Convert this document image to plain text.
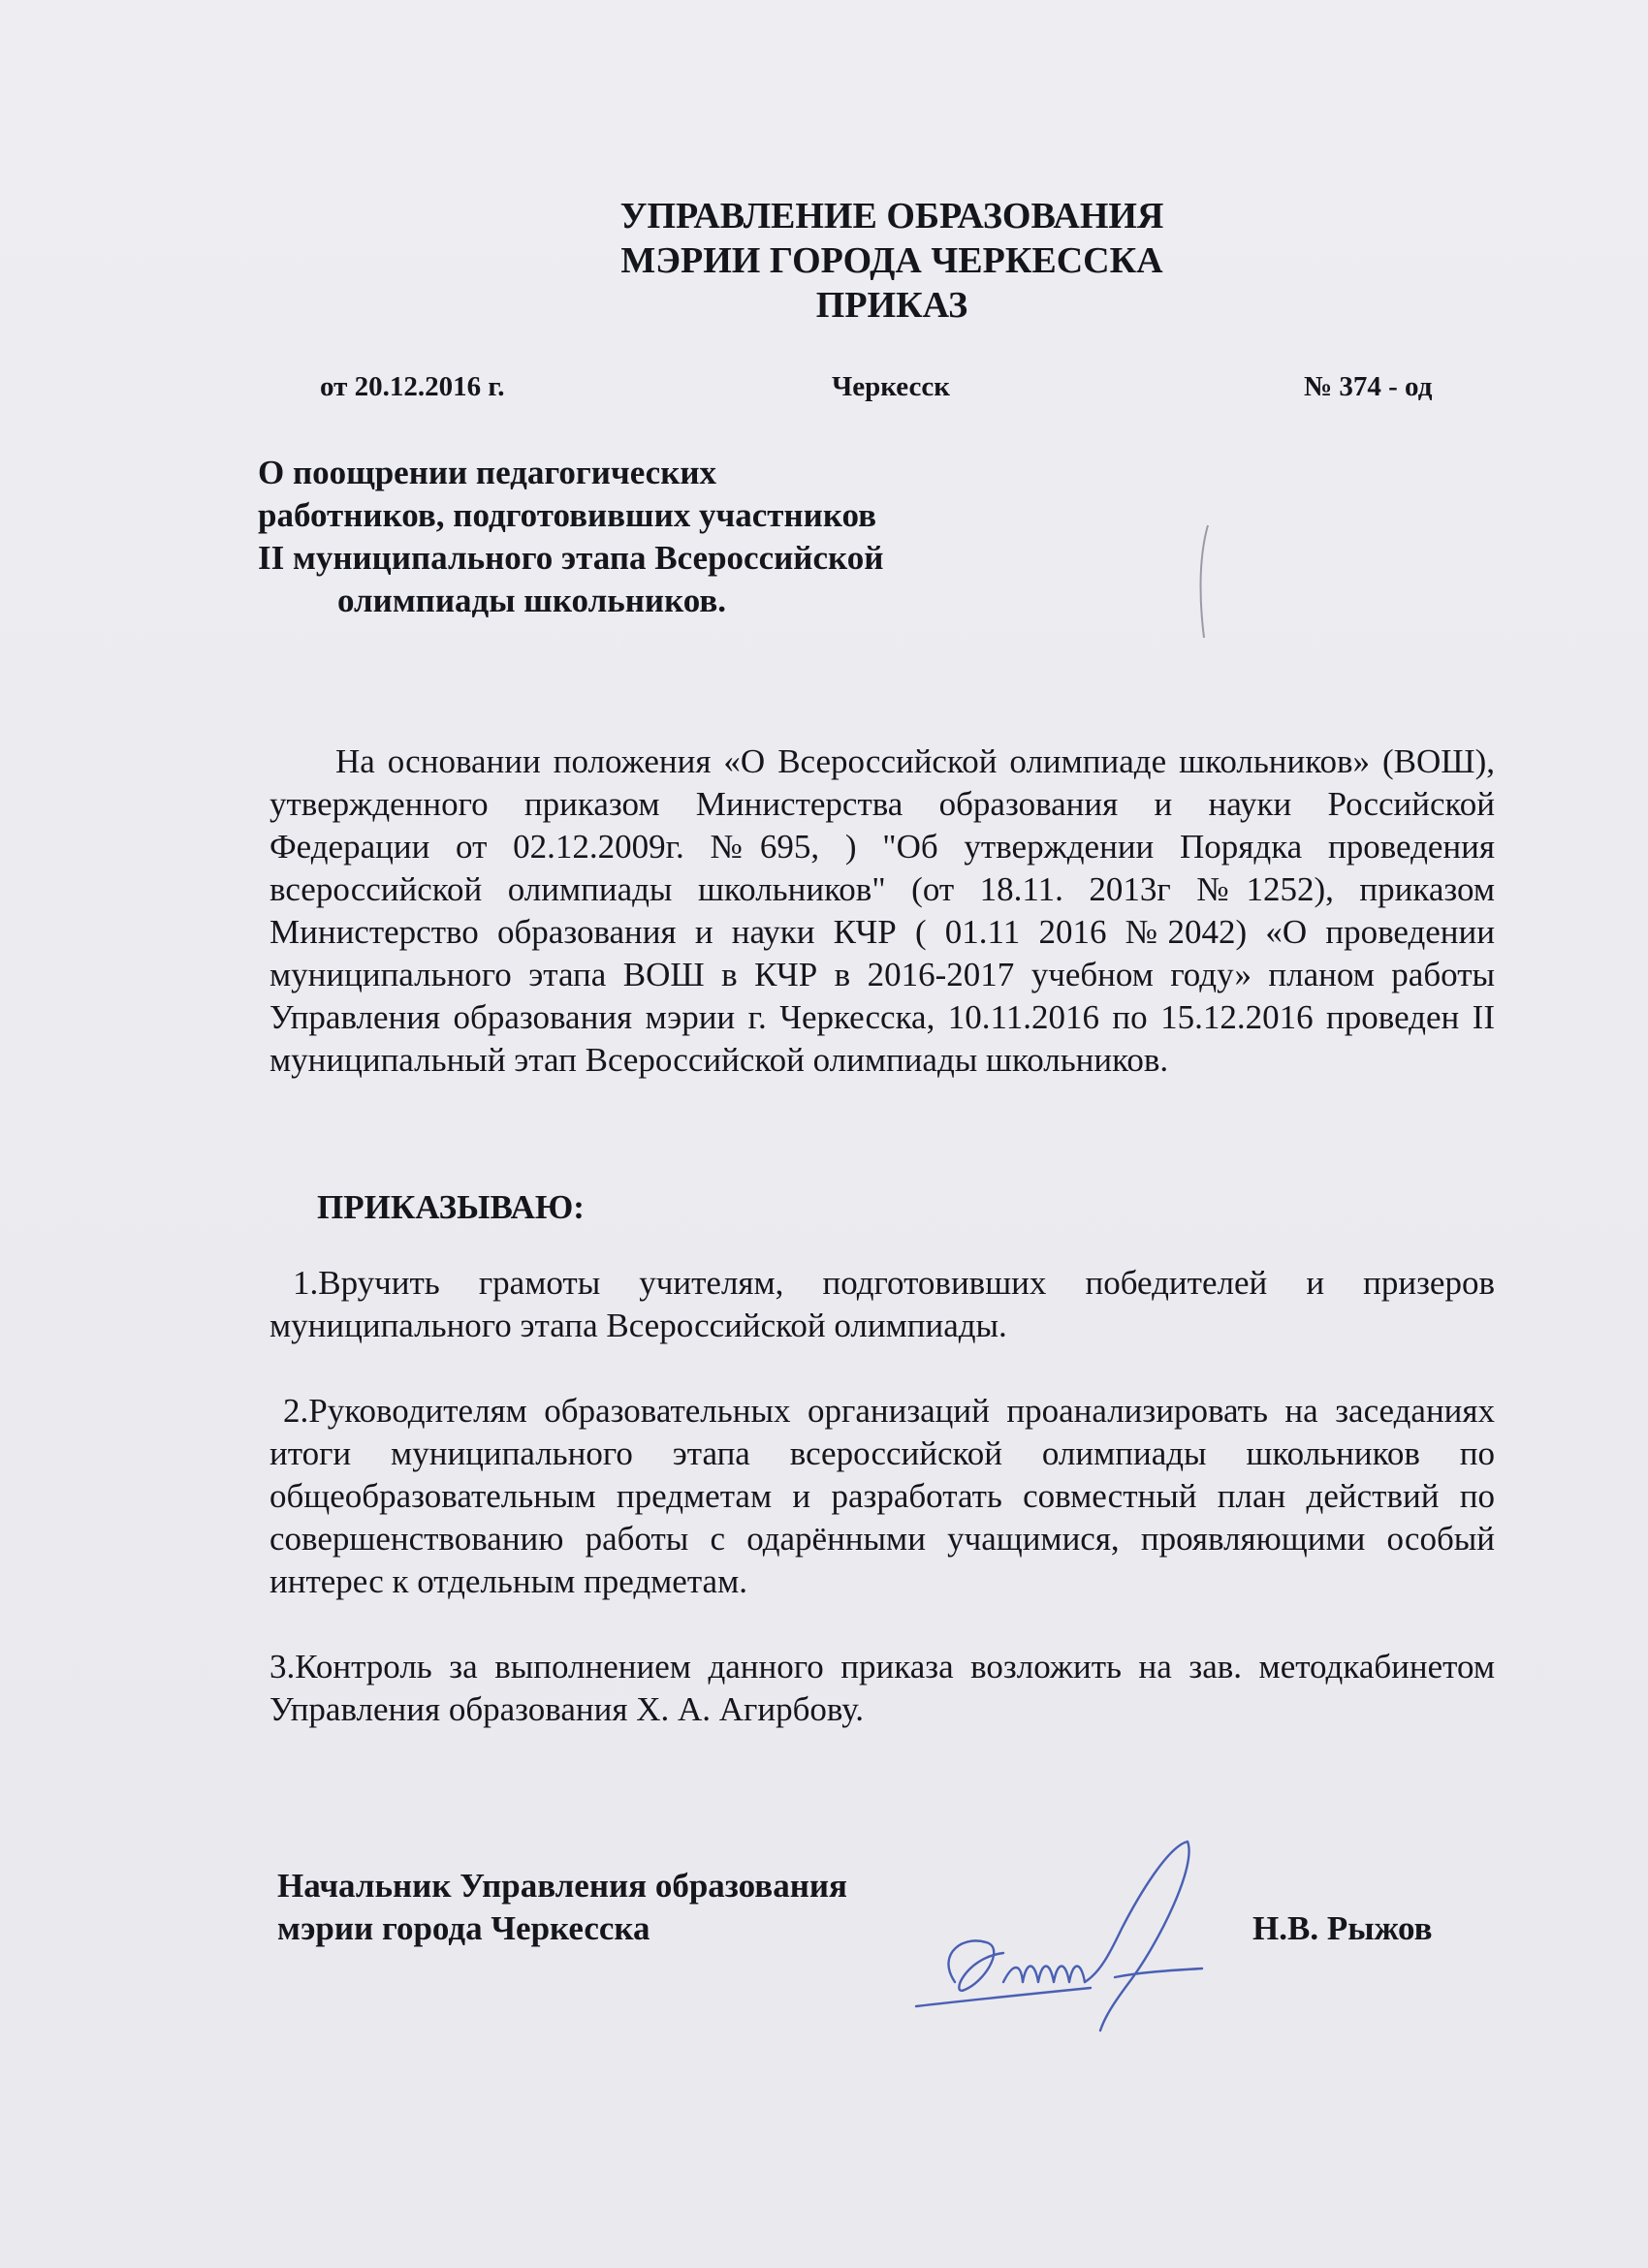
УПРАВЛЕНИЕ ОБРАЗОВАНИЯ
МЭРИИ ГОРОДА ЧЕРКЕССКА
ПРИКАЗ
от 20.12.2016 г.	Черкесск	№ 374 - од
О поощрении педагогических
работников, подготовивших участников
II муниципального этапа Всероссийской
олимпиады школьников.

На основании положения «О Всероссийской олимпиаде школьников» (ВОШ), утвержденного приказом Министерства образования и науки Российской Федерации от 02.12.2009г. №695, ) "Об утверждении Порядка проведения всероссийской олимпиады школьников" (от 18.11. 2013г №1252), приказом Министерство образования и науки КЧР ( 01.11 2016 №2042) «О проведении муниципального этапа ВОШ в КЧР в 2016-2017 учебном году» планом работы Управления образования мэрии г. Черкесска, 10.11.2016 по 15.12.2016 проведен II муниципальный этап Всероссийской олимпиады школьников.

ПРИКАЗЫВАЮ:

1.Вручить грамоты учителям, подготовивших победителей и призеров муниципального этапа Всероссийской олимпиады.

2.Руководителям образовательных организаций проанализировать на заседаниях итоги муниципального этапа всероссийской олимпиады школьников по общеобразовательным предметам и разработать совместный план действий по совершенствованию работы с одарёнными учащимися, проявляющими особый интерес к отдельным предметам.

3.Контроль за выполнением данного приказа возложить на зав. методкабинетом Управления образования Х. А. Агирбову.

Начальник Управления образования
мэрии города Черкесска	Н.В. Рыжов
